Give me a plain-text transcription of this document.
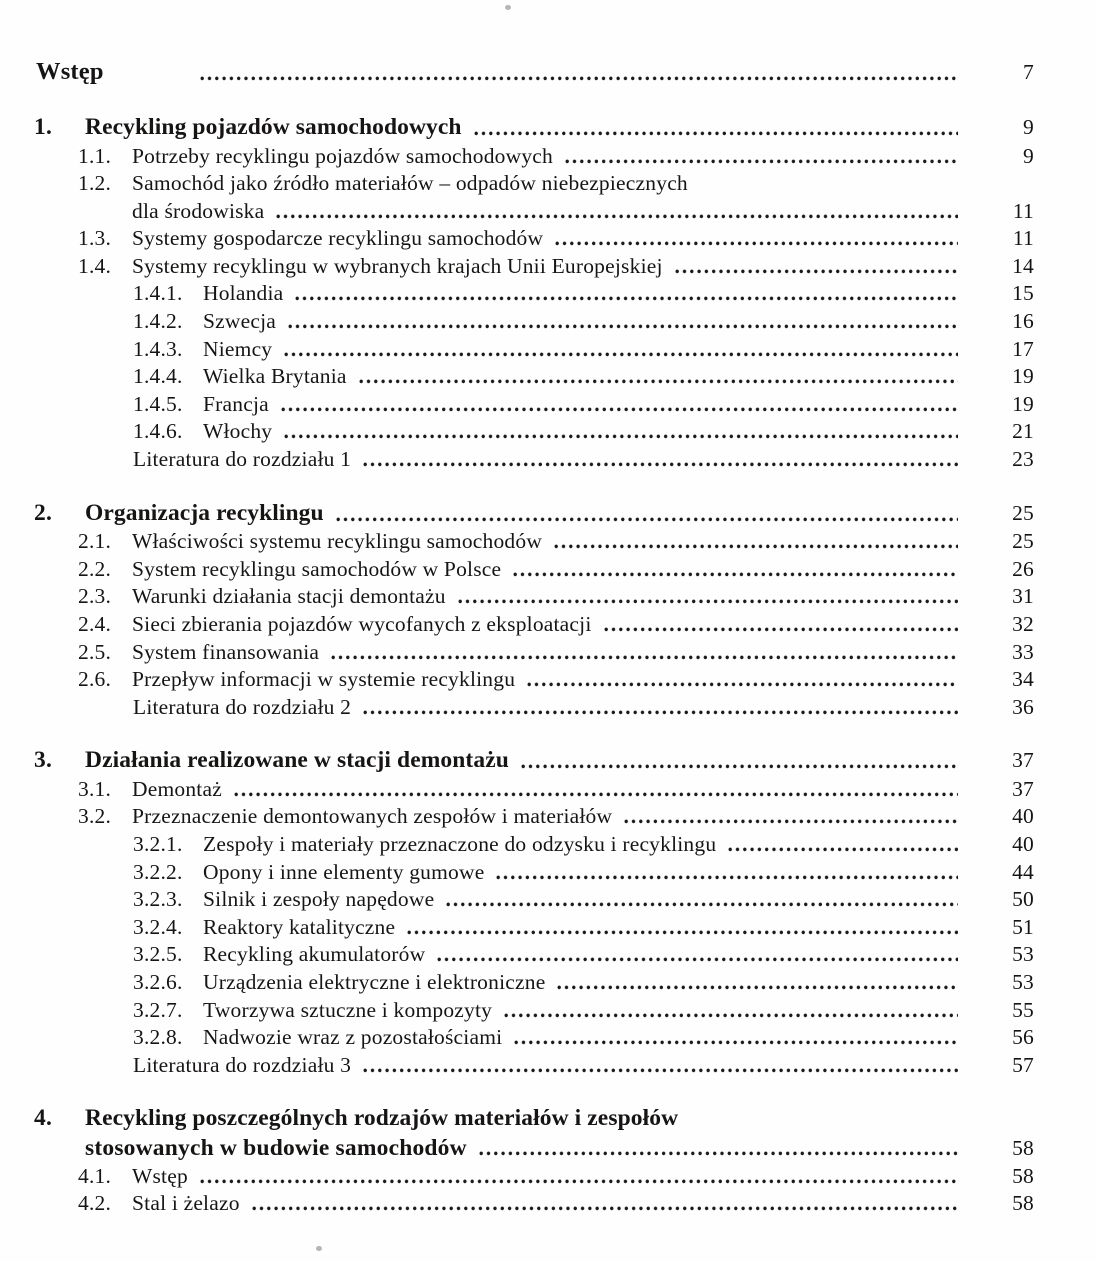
Wstęp	7
1.	Recykling pojazdów samochodowych	9
1.1. Potrzeby recyklingu pojazdów samochodowych	9
1.2. Samochód jako źródło materiałów – odpadów niebezpiecznych
dla środowiska	11
1.3. Systemy gospodarcze recyklingu samochodów	11
1.4. Systemy recyklingu w wybranych krajach Unii Europejskiej	14
1.4.1. Holandia	15
1.4.2. Szwecja	16
1.4.3. Niemcy	17
1.4.4. Wielka Brytania	19
1.4.5. Francja	19
1.4.6. Włochy	21
Literatura do rozdziału 1	23
2.	Organizacja recyklingu	25
2.1. Właściwości systemu recyklingu samochodów	25
2.2. System recyklingu samochodów w Polsce	26
2.3. Warunki działania stacji demontażu	31
2.4. Sieci zbierania pojazdów wycofanych z eksploatacji	32
2.5. System finansowania	33
2.6. Przepływ informacji w systemie recyklingu	34
Literatura do rozdziału 2	36
3.	Działania realizowane w stacji demontażu	37
3.1. Demontaż	37
3.2. Przeznaczenie demontowanych zespołów i materiałów	40
3.2.1. Zespoły i materiały przeznaczone do odzysku i recyklingu	40
3.2.2. Opony i inne elementy gumowe	44
3.2.3. Silnik i zespoły napędowe	50
3.2.4. Reaktory katalityczne	51
3.2.5. Recykling akumulatorów	53
3.2.6. Urządzenia elektryczne i elektroniczne	53
3.2.7. Tworzywa sztuczne i kompozyty	55
3.2.8. Nadwozie wraz z pozostałościami	56
Literatura do rozdziału 3	57
4.	Recykling poszczególnych rodzajów materiałów i zespołów
stosowanych w budowie samochodów	58
4.1. Wstęp	58
4.2. Stal i żelazo	58
